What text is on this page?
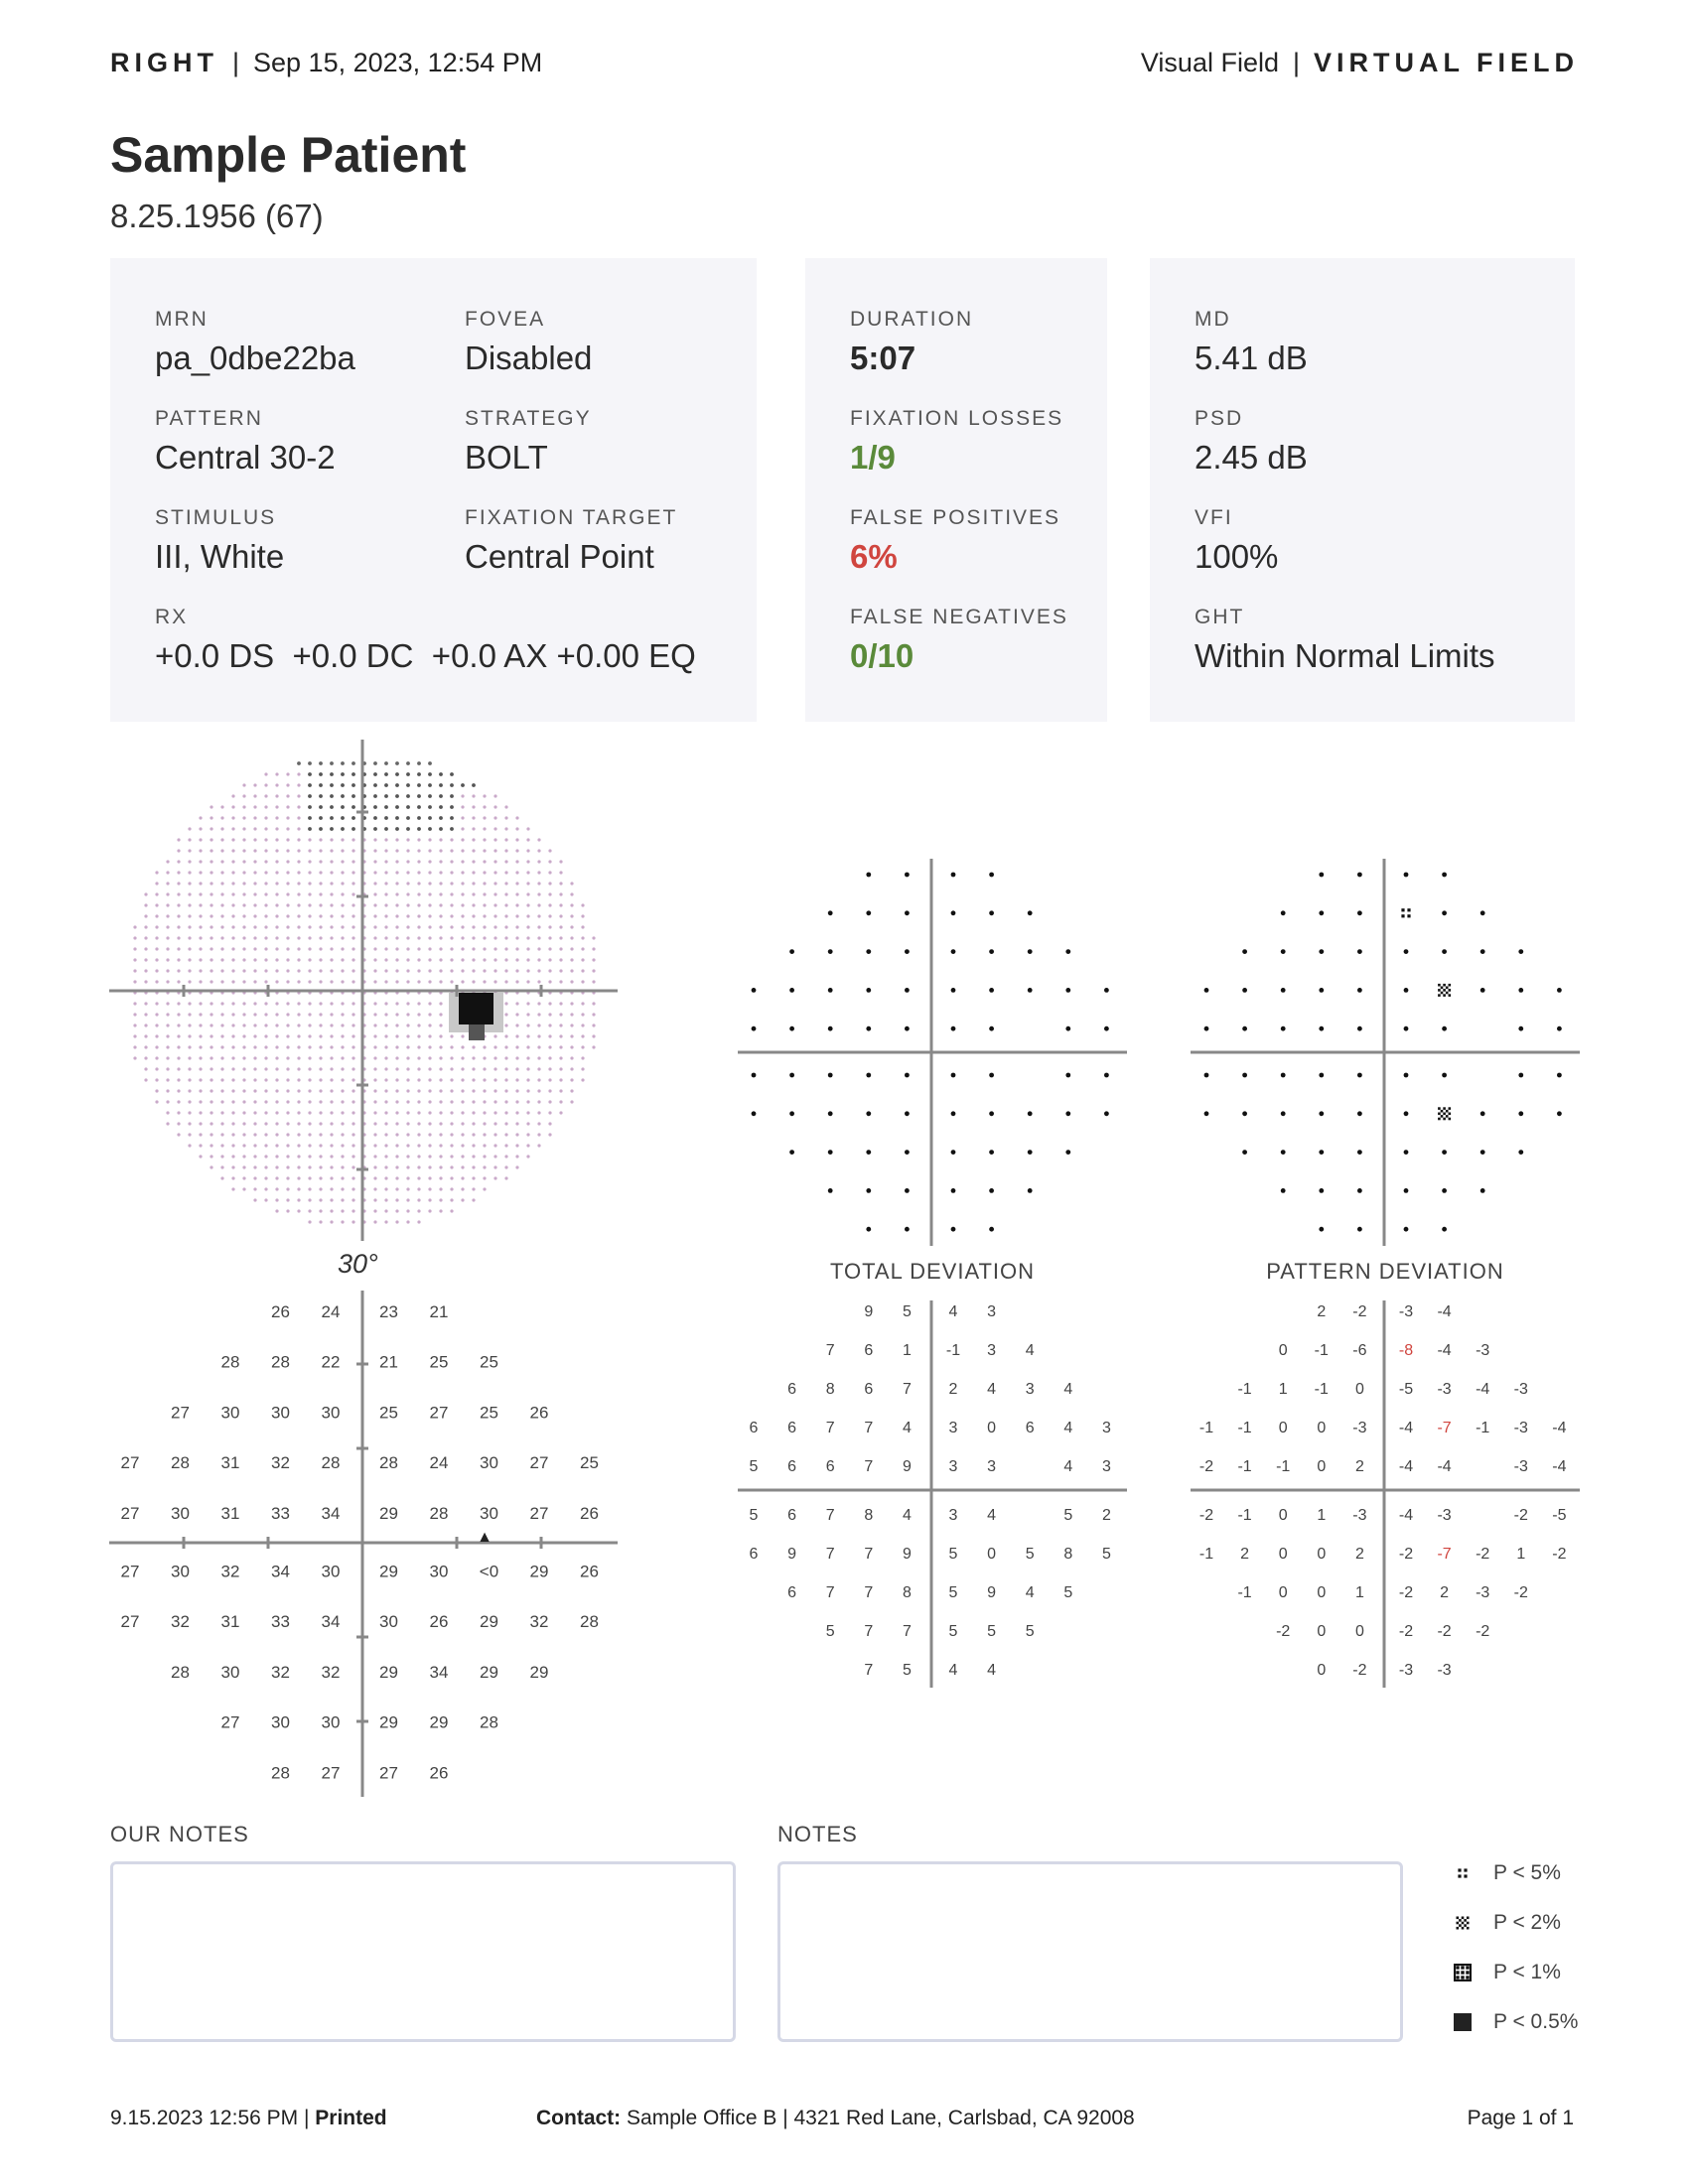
RIGHT | Sep 15, 2023, 12:54 PM	Visual Field | VIRTUAL FIELD
Sample Patient
8.25.1956 (67)
MRN
pa_0dbe22ba
FOVEA
Disabled
PATTERN
Central 30-2
STRATEGY
BOLT
STIMULUS
III, White
FIXATION TARGET
Central Point
RX
+0.0 DS  +0.0 DC  +0.0 AX +0.00 EQ
DURATION
5:07
FIXATION LOSSES
1/9
FALSE POSITIVES
6%
FALSE NEGATIVES
0/10
MD
5.41 dB
PSD
2.45 dB
VFI
100%
GHT
Within Normal Limits
30°
26 24 23 21
28 28 22 21 25 25
27 30 30 30 25 27 25 26
27 28 31 32 28 28 24 30 27 25
27 30 31 33 34 29 28 30 27 26
27 30 32 34 30 29 30 <0 29 26
27 32 31 33 34 30 26 29 32 28
28 30 32 32 29 34 29 29
27 30 30 29 29 28
28 27 27 26
▲
TOTAL DEVIATION
9 5 4 3
7 6 1 -1 3 4
6 8 6 7 2 4 3 4
6 6 7 7 4 3 0 6 4 3
5 6 6 7 9 3 3	4 3
5 6 7 8 4 3 4	5 2
6 9 7 7 9 5 0 5 8 5
6 7 7 8 5 9 4 5
5 7 7 5 5 5
7 5 4 4
PATTERN DEVIATION
2 -2 -3 -4
0 -1 -6 -8 -4 -3
-1 1 -1 0 -5 -3 -4 -3
-1 -1 0 0 -3 -4 -7 -1 -3 -4
-2 -1 -1 0 2 -4 -4	-3 -4
-2 -1 0 1 -3 -4 -3	-2 -5
-1 2 0 0 2 -2 -7 -2 1 -2
-1 0 0 1 -2 2 -3 -2
-2 0 0 -2 -2 -2
0 -2 -3 -3
OUR NOTES	NOTES
P < 5%
P < 2%
P < 1%
P < 0.5%
9.15.2023 12:56 PM | Printed	Contact: Sample Office B | 4321 Red Lane, Carlsbad, CA 92008	Page 1 of 1
